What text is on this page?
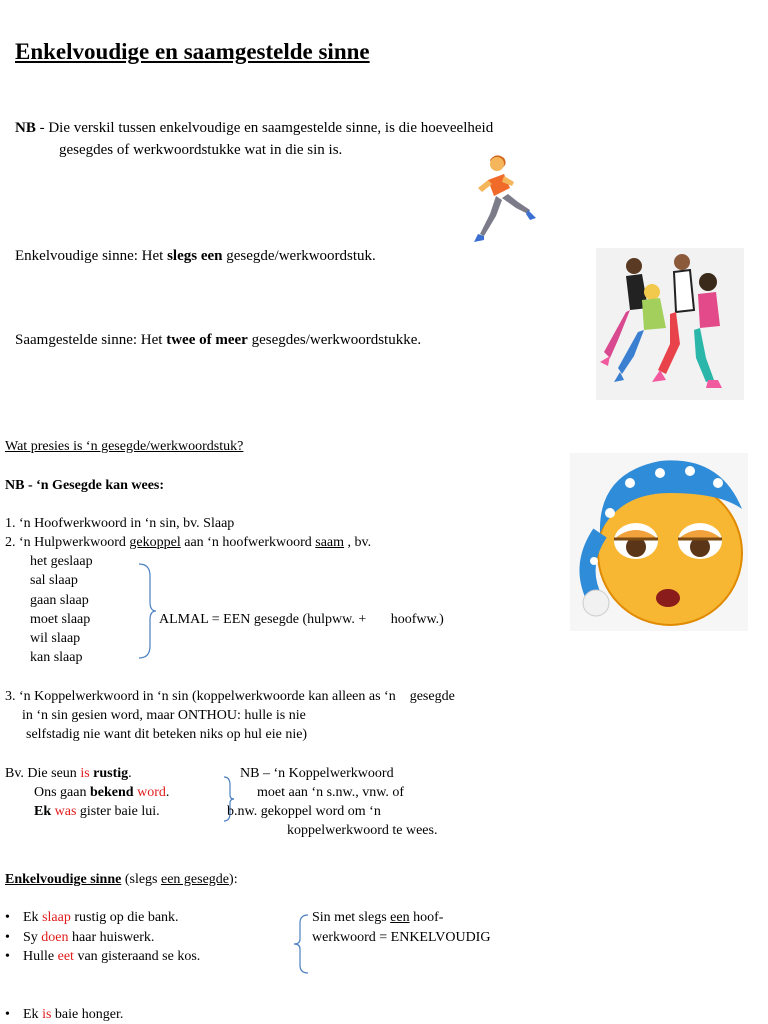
Enkelvoudige en saamgestelde sinne
NB - Die verskil tussen enkelvoudige en saamgestelde sinne, is die hoeveelheid
gesegdes of werkwoordstukke wat in die sin is.
Enkelvoudige sinne: Het slegs een gesegde/werkwoordstuk.
Saamgestelde sinne: Het twee of meer gesegdes/werkwoordstukke.
Wat presies is ‘n gesegde/werkwoordstuk?
NB - ‘n Gesegde kan wees:
1. ‘n Hoofwerkwoord in ‘n sin, bv. Slaap
2. ‘n Hulpwerkwoord gekoppel aan ‘n hoofwerkwoord saam , bv.
het geslaap
sal slaap
gaan slaap
moet slaap
wil slaap
kan slaap
ALMAL = EEN gesegde (hulpww. +       hoofww.)
3. ‘n Koppelwerkwoord in ‘n sin (koppelwerkwoorde kan alleen as ‘n    gesegde
in ‘n sin gesien word, maar ONTHOU: hulle is nie
selfstadig nie want dit beteken niks op hul eie nie)
Bv. Die seun is rustig.
Ons gaan bekend word.
Ek was gister baie lui.
NB – ‘n Koppelwerkwoord
moet aan ‘n s.nw., vnw. of
b.nw. gekoppel word om ‘n
koppelwerkwoord te wees.
Enkelvoudige sinne (slegs een gesegde):
• Ek slaap rustig op die bank.
• Sy doen haar huiswerk.
• Hulle eet van gisteraand se kos.
Sin met slegs een hoof-
werkwoord = ENKELVOUDIG
• Ek is baie honger.
